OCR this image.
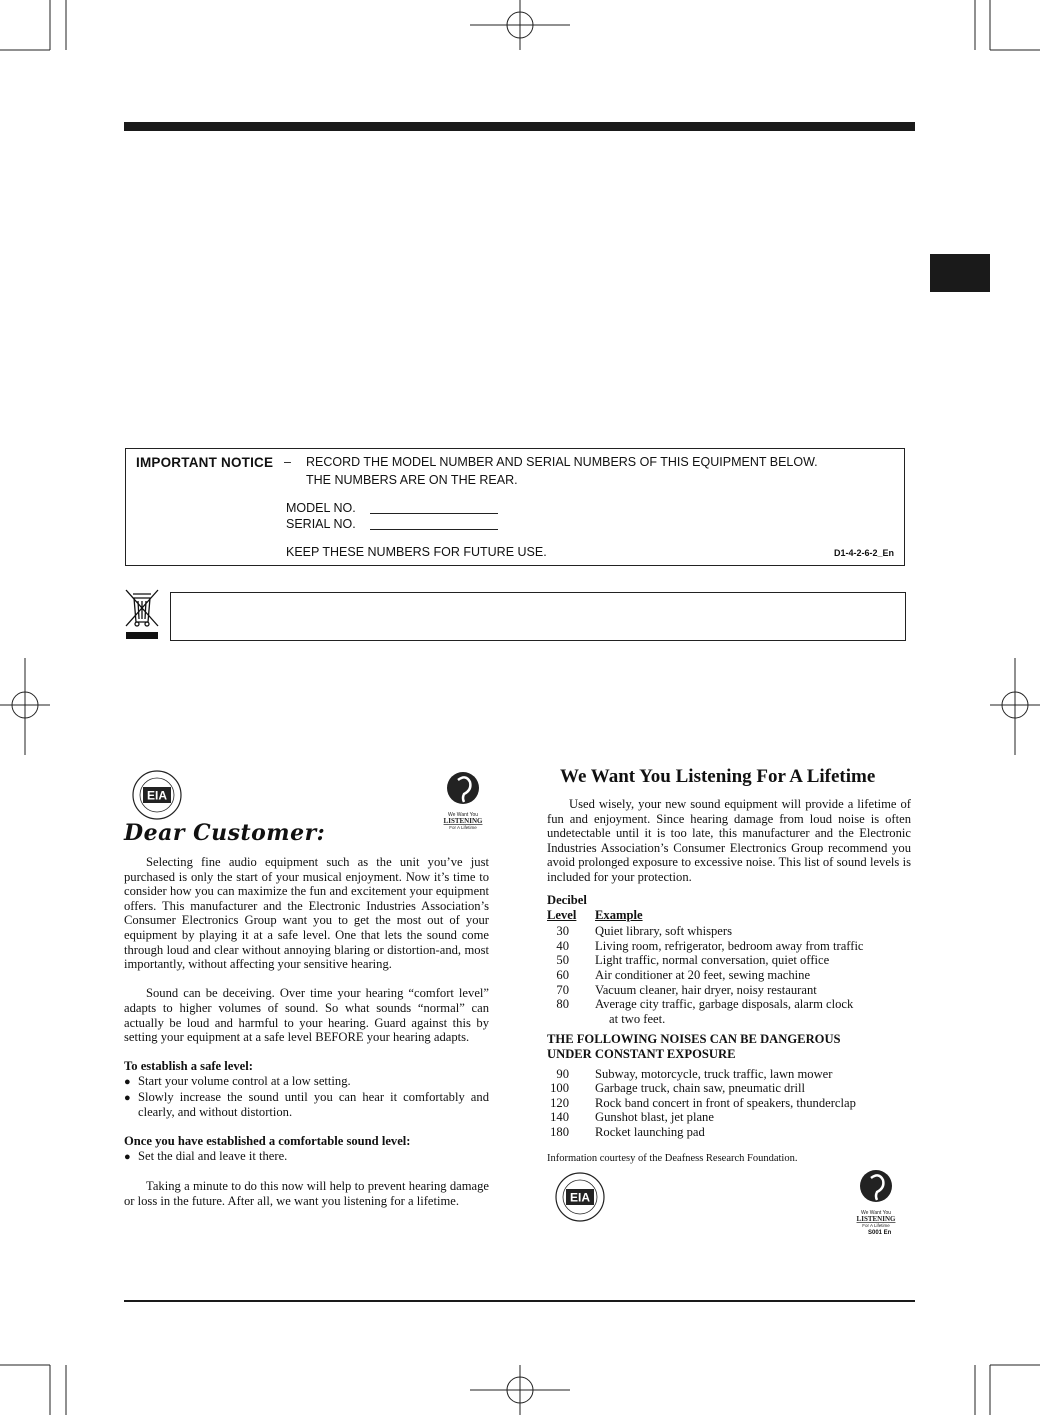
IMPORTANT NOTICE – RECORD THE MODEL NUMBER AND SERIAL NUMBERS OF THIS EQUIPMENT BELOW.
THE NUMBERS ARE ON THE REAR.
MODEL NO.
SERIAL NO.
KEEP THESE NUMBERS FOR FUTURE USE.	D1-4-2-6-2_En
EIA
We Want You
LISTENING
For A Lifetime
Dear Customer:

Selecting fine audio equipment such as the unit you’ve just purchased is only the start of your musical enjoyment. Now it’s time to consider how you can maximize the fun and excitement your equipment offers. This manufacturer and the Electronic Industries Association’s Consumer Electronics Group want you to get the most out of your equipment by playing it at a safe level. One that lets the sound come through loud and clear without annoying blaring or distortion-and, most importantly, without affecting your sensitive hearing.

Sound can be deceiving. Over time your hearing “comfort level” adapts to higher volumes of sound. So what sounds “normal” can actually be loud and harmful to your hearing. Guard against this by setting your equipment at a safe level BEFORE your hearing adapts.

To establish a safe level:

● Start your volume control at a low setting.

● Slowly increase the sound until you can hear it comfortably and clearly, and without distortion.

Once you have established a comfortable sound level:

● Set the dial and leave it there.

Taking a minute to do this now will help to prevent hearing damage or loss in the future. After all, we want you listening for a lifetime.

We Want You Listening For A Lifetime

Used wisely, your new sound equipment will provide a lifetime of fun and enjoyment. Since hearing damage from loud noise is often undetectable until it is too late, this manufacturer and the Electronic Industries Association’s Consumer Electronics Group recommend you avoid prolonged exposure to excessive noise. This list of sound levels is included for your protection.

Decibel
Level Example
30 Quiet library, soft whispers
40 Living room, refrigerator, bedroom away from traffic
50 Light traffic, normal conversation, quiet office
60 Air conditioner at 20 feet, sewing machine
70 Vacuum cleaner, hair dryer, noisy restaurant
80 Average city traffic, garbage disposals, alarm clock
at two feet.
THE FOLLOWING NOISES CAN BE DANGEROUS
UNDER CONSTANT EXPOSURE
90 Subway, motorcycle, truck traffic, lawn mower
100 Garbage truck, chain saw, pneumatic drill
120 Rock band concert in front of speakers, thunderclap
140 Gunshot blast, jet plane
180 Rocket launching pad
Information courtesy of the Deafness Research Foundation.
EIA
We Want You
LISTENING
For A Lifetime
S001 En
